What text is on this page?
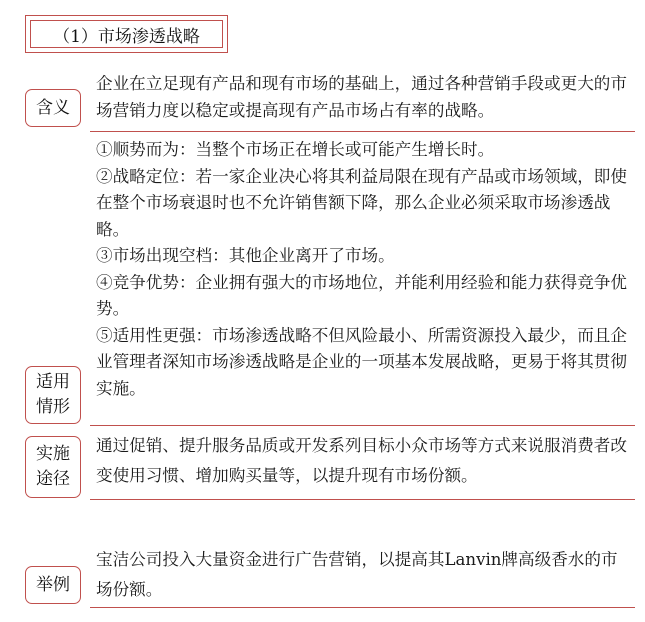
（1）市场渗透战略
含义
企业在立足现有产品和现有市场的基础上，通过各种营销手段或更大的市场营销力度以稳定或提高现有产品市场占有率的战略。

①顺势而为：当整个市场正在增长或可能产生增长时。

②战略定位：若一家企业决心将其利益局限在现有产品或市场领域，即使在整个市场衰退时也不允许销售额下降，那么企业必须采取市场渗透战略。

③市场出现空档：其他企业离开了市场。

④竞争优势：企业拥有强大的市场地位，并能利用经验和能力获得竞争优势。

⑤适用性更强：市场渗透战略不但风险最小、所需资源投入最少，而且企业管理者深知市场渗透战略是企业的一项基本发展战略，更易于将其贯彻实施。

适用
情形
实施
途径
通过促销、提升服务品质或开发系列目标小众市场等方式来说服消费者改变使用习惯、增加购买量等，以提升现有市场份额。
宝洁公司投入大量资金进行广告营销，以提高其Lanvin牌高级香水的市场份额。
举例
